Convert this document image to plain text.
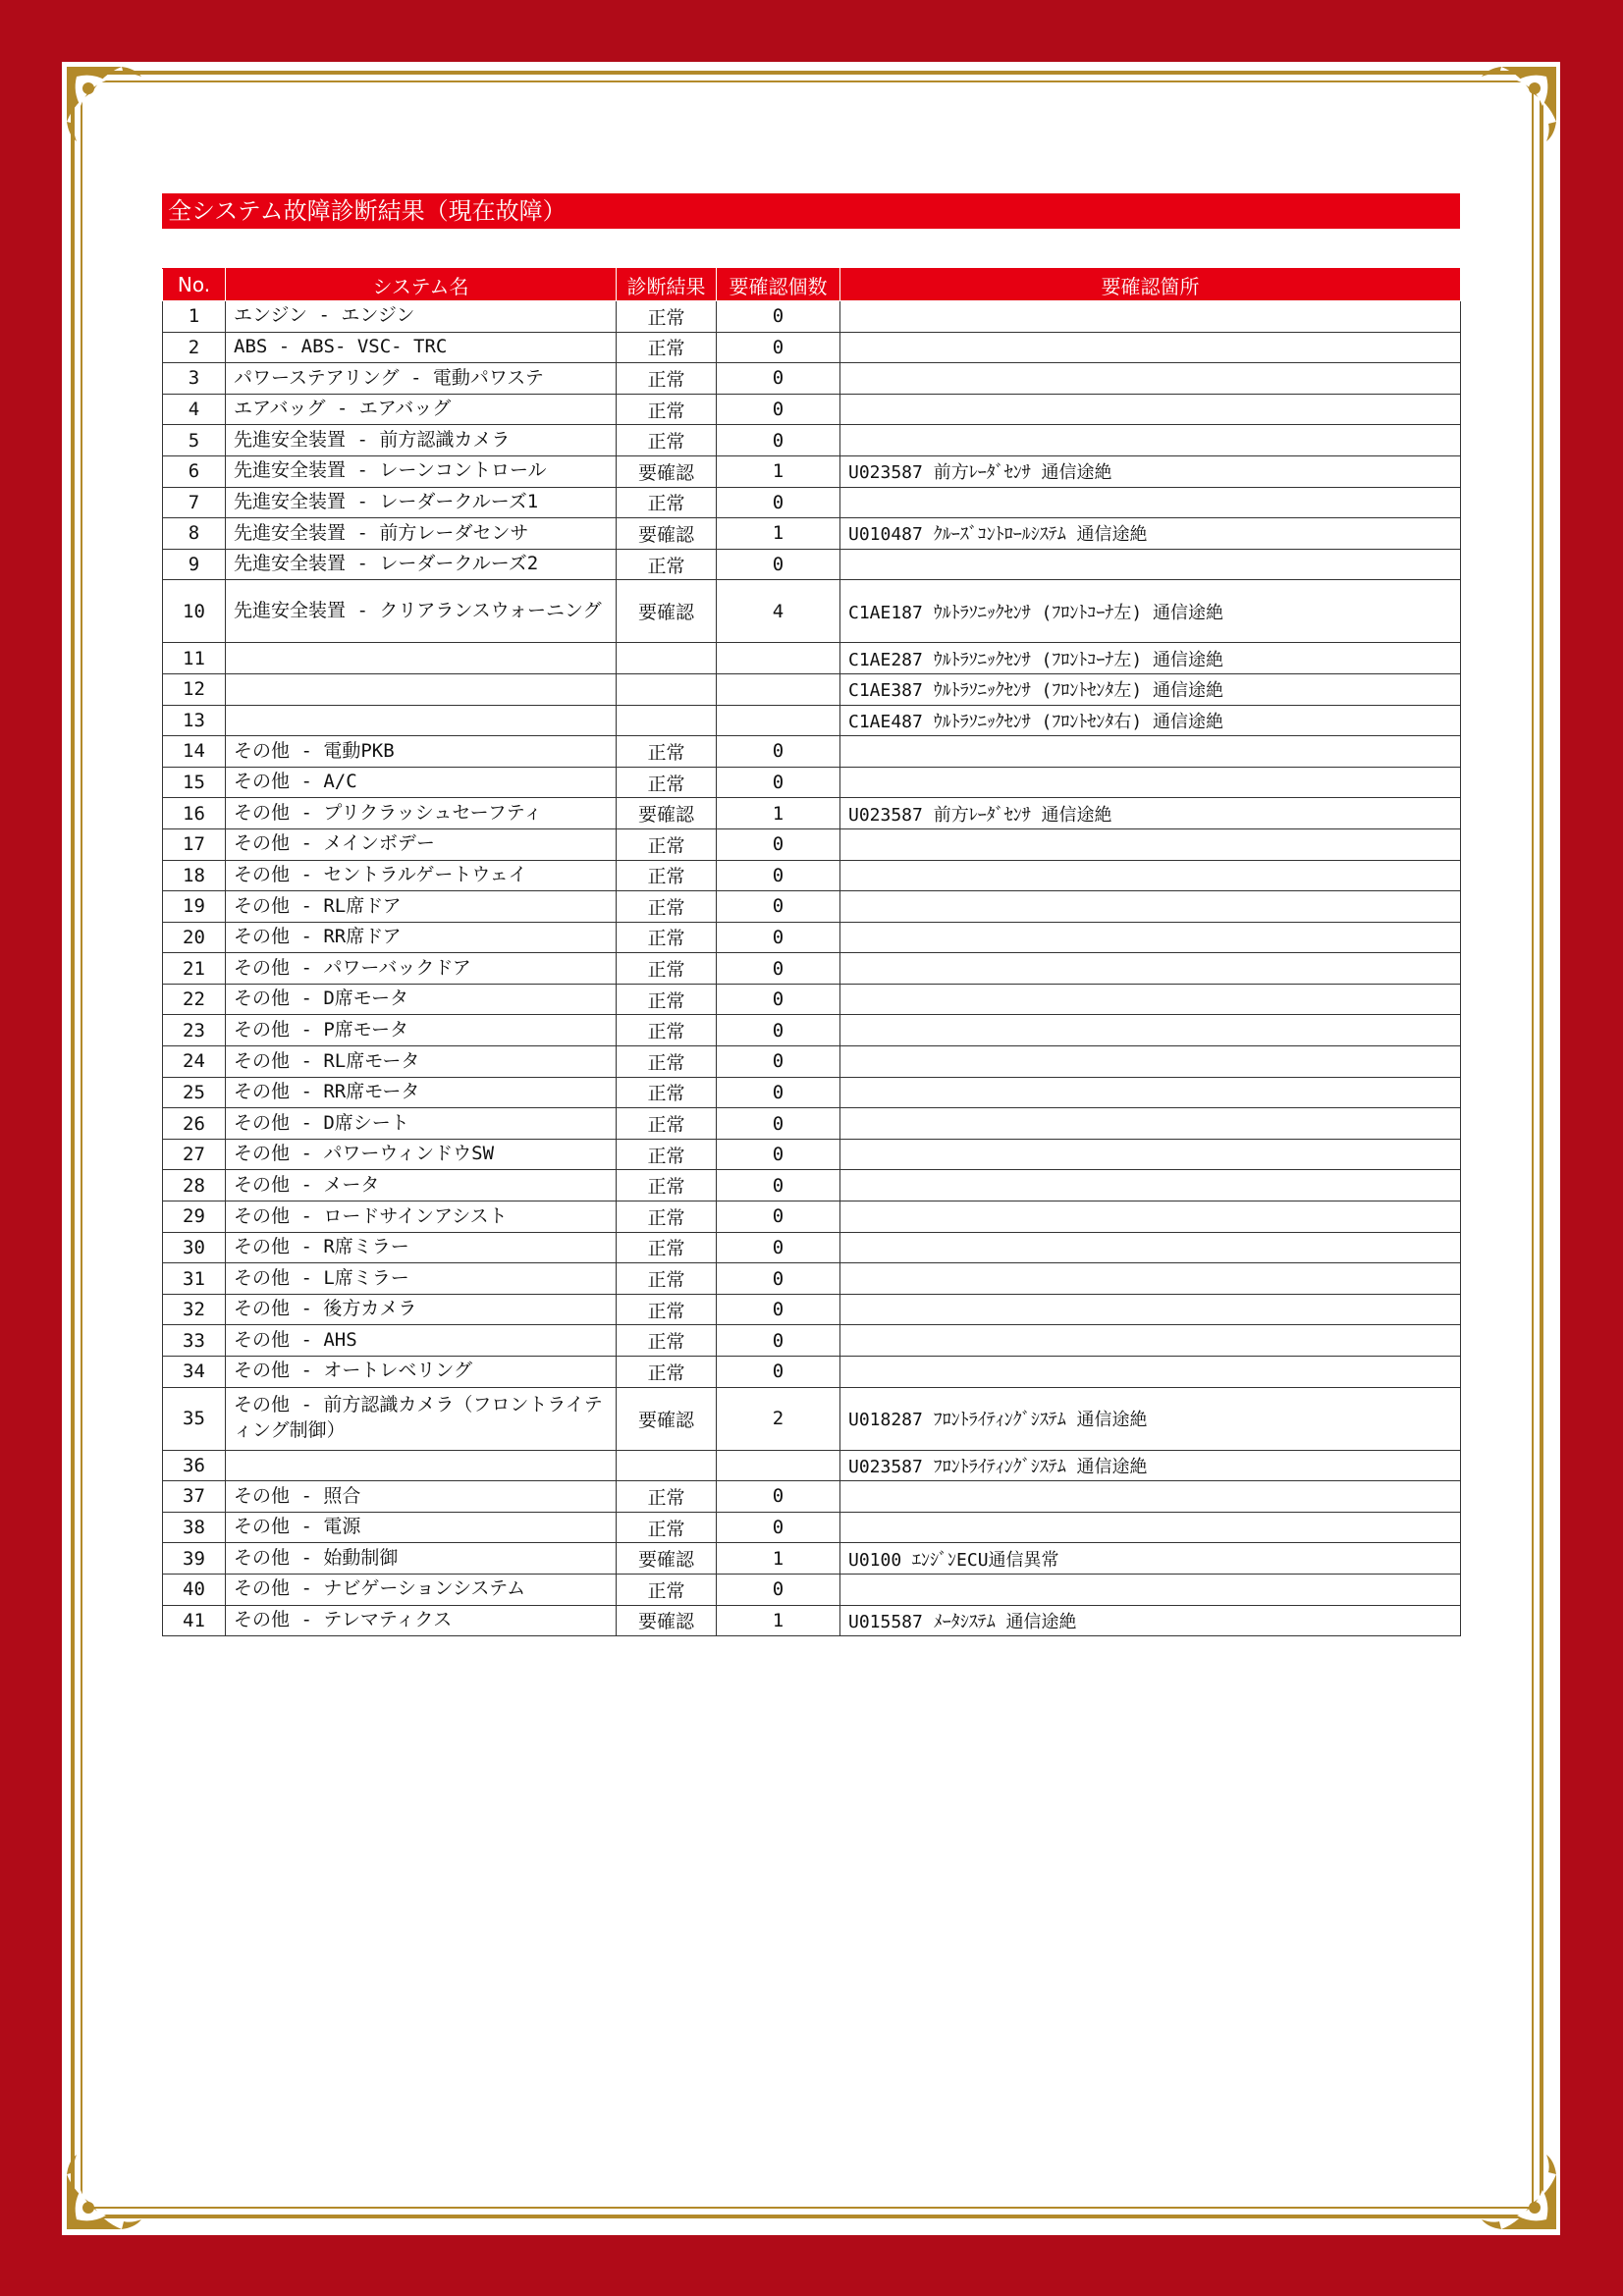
全システム故障診断結果（現在故障）
No.	システム名	診断結果	要確認個数	要確認箇所
1	エンジン - エンジン	正常	0	
2	ABS - ABS- VSC- TRC	正常	0	
3	パワーステアリング - 電動パワステ	正常	0	
4	エアバッグ - エアバッグ	正常	0	
5	先進安全装置 - 前方認識カメラ	正常	0	
6	先進安全装置 - レーンコントロール	要確認	1	U023587 前方ﾚｰﾀﾞｾﾝｻ 通信途絶
7	先進安全装置 - レーダークルーズ1	正常	0	
8	先進安全装置 - 前方レーダセンサ	要確認	1	U010487 ｸﾙｰｽﾞｺﾝﾄﾛｰﾙｼｽﾃﾑ 通信途絶
9	先進安全装置 - レーダークルーズ2	正常	0	
10	先進安全装置 - クリアランスウォーニング	要確認	4	C1AE187 ｳﾙﾄﾗｿﾆｯｸｾﾝｻ (ﾌﾛﾝﾄｺｰﾅ左) 通信途絶
11				C1AE287 ｳﾙﾄﾗｿﾆｯｸｾﾝｻ (ﾌﾛﾝﾄｺｰﾅ左) 通信途絶
12				C1AE387 ｳﾙﾄﾗｿﾆｯｸｾﾝｻ (ﾌﾛﾝﾄｾﾝﾀ左) 通信途絶
13				C1AE487 ｳﾙﾄﾗｿﾆｯｸｾﾝｻ (ﾌﾛﾝﾄｾﾝﾀ右) 通信途絶
14	その他 - 電動PKB	正常	0	
15	その他 - A/C	正常	0	
16	その他 - プリクラッシュセーフティ	要確認	1	U023587 前方ﾚｰﾀﾞｾﾝｻ 通信途絶
17	その他 - メインボデー	正常	0	
18	その他 - セントラルゲートウェイ	正常	0	
19	その他 - RL席ドア	正常	0	
20	その他 - RR席ドア	正常	0	
21	その他 - パワーバックドア	正常	0	
22	その他 - D席モータ	正常	0	
23	その他 - P席モータ	正常	0	
24	その他 - RL席モータ	正常	0	
25	その他 - RR席モータ	正常	0	
26	その他 - D席シート	正常	0	
27	その他 - パワーウィンドウSW	正常	0	
28	その他 - メータ	正常	0	
29	その他 - ロードサインアシスト	正常	0	
30	その他 - R席ミラー	正常	0	
31	その他 - L席ミラー	正常	0	
32	その他 - 後方カメラ	正常	0	
33	その他 - AHS	正常	0	
34	その他 - オートレベリング	正常	0	
35	その他 - 前方認識カメラ（フロントライティング制御）	要確認	2	U018287 ﾌﾛﾝﾄﾗｲﾃｨﾝｸﾞｼｽﾃﾑ 通信途絶
36				U023587 ﾌﾛﾝﾄﾗｲﾃｨﾝｸﾞｼｽﾃﾑ 通信途絶
37	その他 - 照合	正常	0	
38	その他 - 電源	正常	0	
39	その他 - 始動制御	要確認	1	U0100 ｴﾝｼﾞﾝECU通信異常
40	その他 - ナビゲーションシステム	正常	0	
41	その他 - テレマティクス	要確認	1	U015587 ﾒｰﾀｼｽﾃﾑ 通信途絶
